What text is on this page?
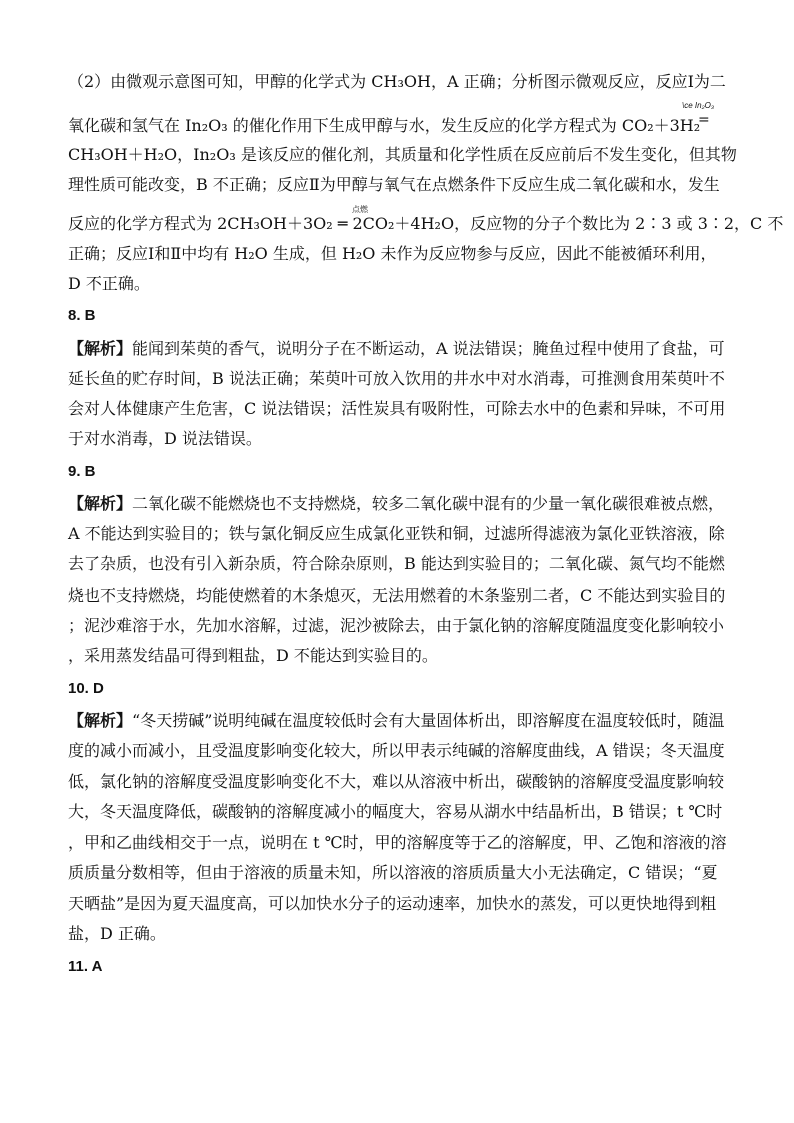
（2）由微观示意图可知，甲醇的化学式为 CH₃OH，A 正确；分析图示微观反应，反应Ⅰ为二
\ce In₂O₃
=
氧化碳和氢气在 In₂O₃ 的催化作用下生成甲醇与水，发生反应的化学方程式为 CO₂＋3H₂
CH₃OH＋H₂O，In₂O₃ 是该反应的催化剂，其质量和化学性质在反应前后不发生变化，但其物
理性质可能改变，B 不正确；反应Ⅱ为甲醇与氧气在点燃条件下反应生成二氧化碳和水，发生
点燃
反应的化学方程式为 2CH₃OH＋3O₂ ═ 2CO₂＋4H₂O，反应物的分子个数比为 2∶3 或 3∶2，C 不
正确；反应Ⅰ和Ⅱ中均有 H₂O 生成，但 H₂O 未作为反应物参与反应，因此不能被循环利用，
D 不正确。
8. B
【解析】能闻到茱萸的香气，说明分子在不断运动，A 说法错误；腌鱼过程中使用了食盐，可
延长鱼的贮存时间，B 说法正确；茱萸叶可放入饮用的井水中对水消毒，可推测食用茱萸叶不
会对人体健康产生危害，C 说法错误；活性炭具有吸附性，可除去水中的色素和异味，不可用
于对水消毒，D 说法错误。
9. B
【解析】二氧化碳不能燃烧也不支持燃烧，较多二氧化碳中混有的少量一氧化碳很难被点燃，
A 不能达到实验目的；铁与氯化铜反应生成氯化亚铁和铜，过滤所得滤液为氯化亚铁溶液，除
去了杂质，也没有引入新杂质，符合除杂原则，B 能达到实验目的；二氧化碳、氮气均不能燃
烧也不支持燃烧，均能使燃着的木条熄灭，无法用燃着的木条鉴别二者，C 不能达到实验目的
；泥沙难溶于水，先加水溶解，过滤，泥沙被除去，由于氯化钠的溶解度随温度变化影响较小
，采用蒸发结晶可得到粗盐，D 不能达到实验目的。
10. D
【解析】“冬天捞碱”说明纯碱在温度较低时会有大量固体析出，即溶解度在温度较低时，随温
度的减小而减小，且受温度影响变化较大，所以甲表示纯碱的溶解度曲线，A 错误；冬天温度
低，氯化钠的溶解度受温度影响变化不大，难以从溶液中析出，碳酸钠的溶解度受温度影响较
大，冬天温度降低，碳酸钠的溶解度减小的幅度大，容易从湖水中结晶析出，B 错误；t ℃时
，甲和乙曲线相交于一点，说明在 t ℃时，甲的溶解度等于乙的溶解度，甲、乙饱和溶液的溶
质质量分数相等，但由于溶液的质量未知，所以溶液的溶质质量大小无法确定，C 错误；“夏
天晒盐”是因为夏天温度高，可以加快水分子的运动速率，加快水的蒸发，可以更快地得到粗
盐，D 正确。
11. A
